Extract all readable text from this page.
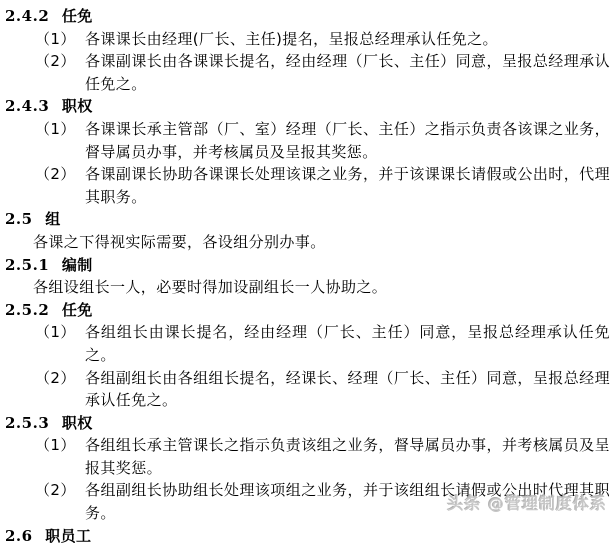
2.4.2 任免
（1） 各课课长由经理(厂长、主任)提名，呈报总经理承认任免之。
（2） 各课副课长由各课课长提名，经由经理（厂长、主任）同意，呈报总经理承认任免之。
2.4.3 职权
（1） 各课课长承主管部（厂、室）经理（厂长、主任）之指示负责各该课之业务，督导属员办事，并考核属员及呈报其奖惩。
（2） 各课副课长协助各课课长处理该课之业务，并于该课课长请假或公出时，代理其职务。
2.5 组
各课之下得视实际需要，各设组分别办事。
2.5.1 编制
各组设组长一人，必要时得加设副组长一人协助之。
2.5.2 任免
（1） 各组组长由课长提名，经由经理（厂长、主任）同意，呈报总经理承认任免之。
（2） 各组副组长由各组组长提名，经课长、经理（厂长、主任）同意，呈报总经理承认任免之。
2.5.3 职权
（1） 各组组长承主管课长之指示负责该组之业务，督导属员办事，并考核属员及呈报其奖惩。
（2） 各组副组长协助组长处理该项组之业务，并于该组组长请假或公出时代理其职务。
2.6 职员工
头条 @管理制度体系
